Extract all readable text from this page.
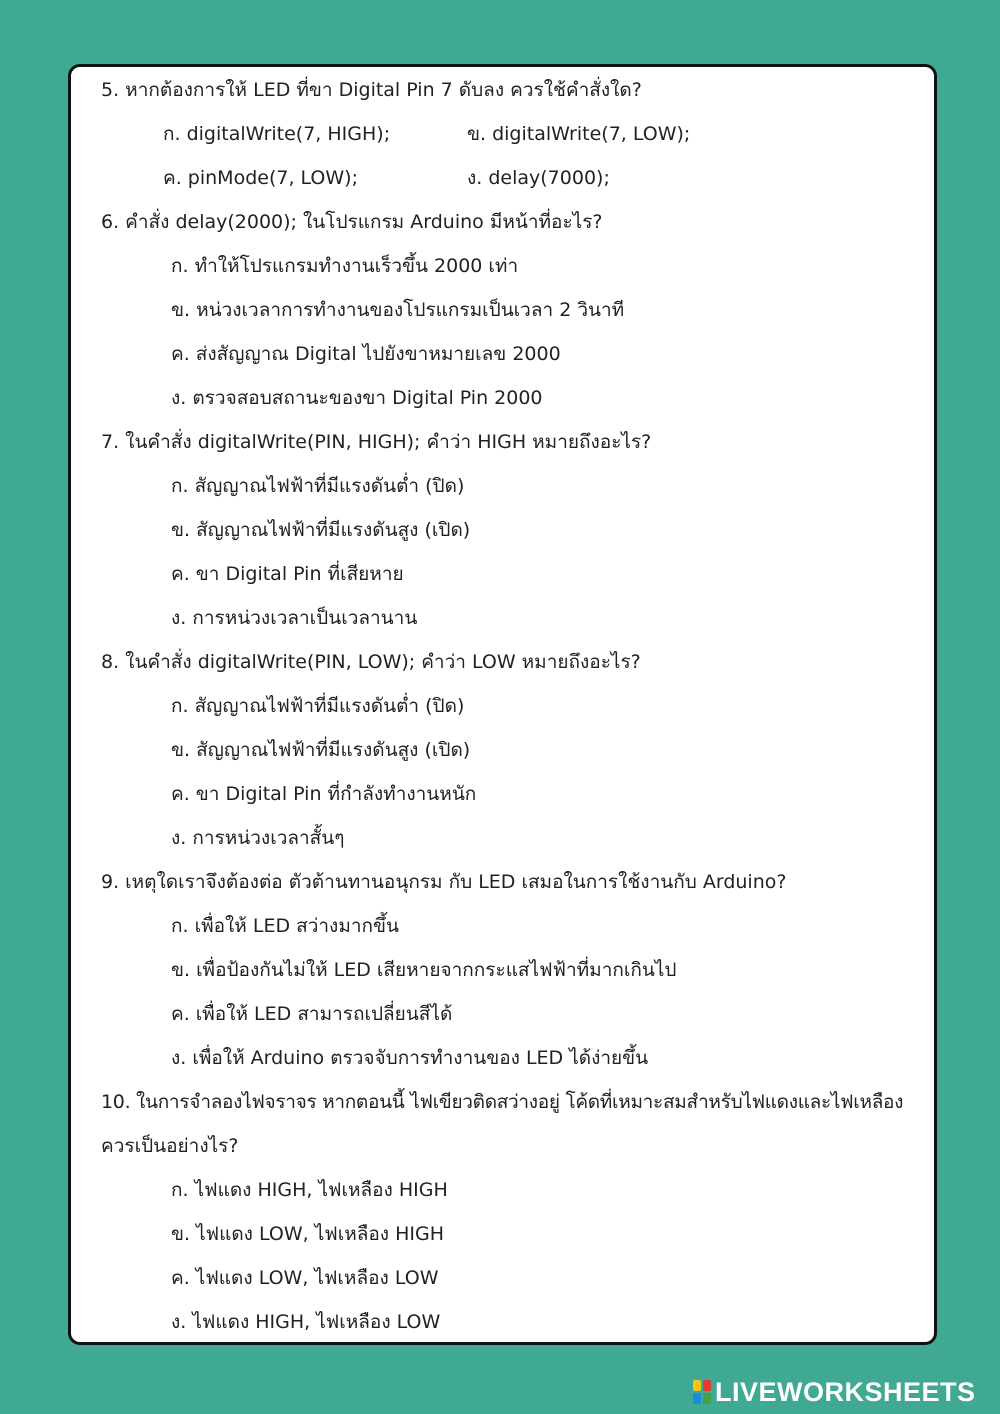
5. หากต้องการให้ LED ที่ขา Digital Pin 7 ดับลง ควรใช้คำสั่งใด?
ก. digitalWrite(7, HIGH);	ข. digitalWrite(7, LOW);
ค. pinMode(7, LOW);	ง. delay(7000);
6. คำสั่ง delay(2000); ในโปรแกรม Arduino มีหน้าที่อะไร?
ก. ทำให้โปรแกรมทำงานเร็วขึ้น 2000 เท่า
ข. หน่วงเวลาการทำงานของโปรแกรมเป็นเวลา 2 วินาที
ค. ส่งสัญญาณ Digital ไปยังขาหมายเลข 2000
ง. ตรวจสอบสถานะของขา Digital Pin 2000
7. ในคำสั่ง digitalWrite(PIN, HIGH); คำว่า HIGH หมายถึงอะไร?
ก. สัญญาณไฟฟ้าที่มีแรงดันต่ำ (ปิด)
ข. สัญญาณไฟฟ้าที่มีแรงดันสูง (เปิด)
ค. ขา Digital Pin ที่เสียหาย
ง. การหน่วงเวลาเป็นเวลานาน
8. ในคำสั่ง digitalWrite(PIN, LOW); คำว่า LOW หมายถึงอะไร?
ก. สัญญาณไฟฟ้าที่มีแรงดันต่ำ (ปิด)
ข. สัญญาณไฟฟ้าที่มีแรงดันสูง (เปิด)
ค. ขา Digital Pin ที่กำลังทำงานหนัก
ง. การหน่วงเวลาสั้นๆ
9. เหตุใดเราจึงต้องต่อ ตัวต้านทานอนุกรม กับ LED เสมอในการใช้งานกับ Arduino?
ก. เพื่อให้ LED สว่างมากขึ้น
ข. เพื่อป้องกันไม่ให้ LED เสียหายจากกระแสไฟฟ้าที่มากเกินไป
ค. เพื่อให้ LED สามารถเปลี่ยนสีได้
ง. เพื่อให้ Arduino ตรวจจับการทำงานของ LED ได้ง่ายขึ้น
10. ในการจำลองไฟจราจร หากตอนนี้ ไฟเขียวติดสว่างอยู่ โค้ดที่เหมาะสมสำหรับไฟแดงและไฟเหลือง
ควรเป็นอย่างไร?
ก. ไฟแดง HIGH, ไฟเหลือง HIGH
ข. ไฟแดง LOW, ไฟเหลือง HIGH
ค. ไฟแดง LOW, ไฟเหลือง LOW
ง. ไฟแดง HIGH, ไฟเหลือง LOW
LIVEWORKSHEETS
